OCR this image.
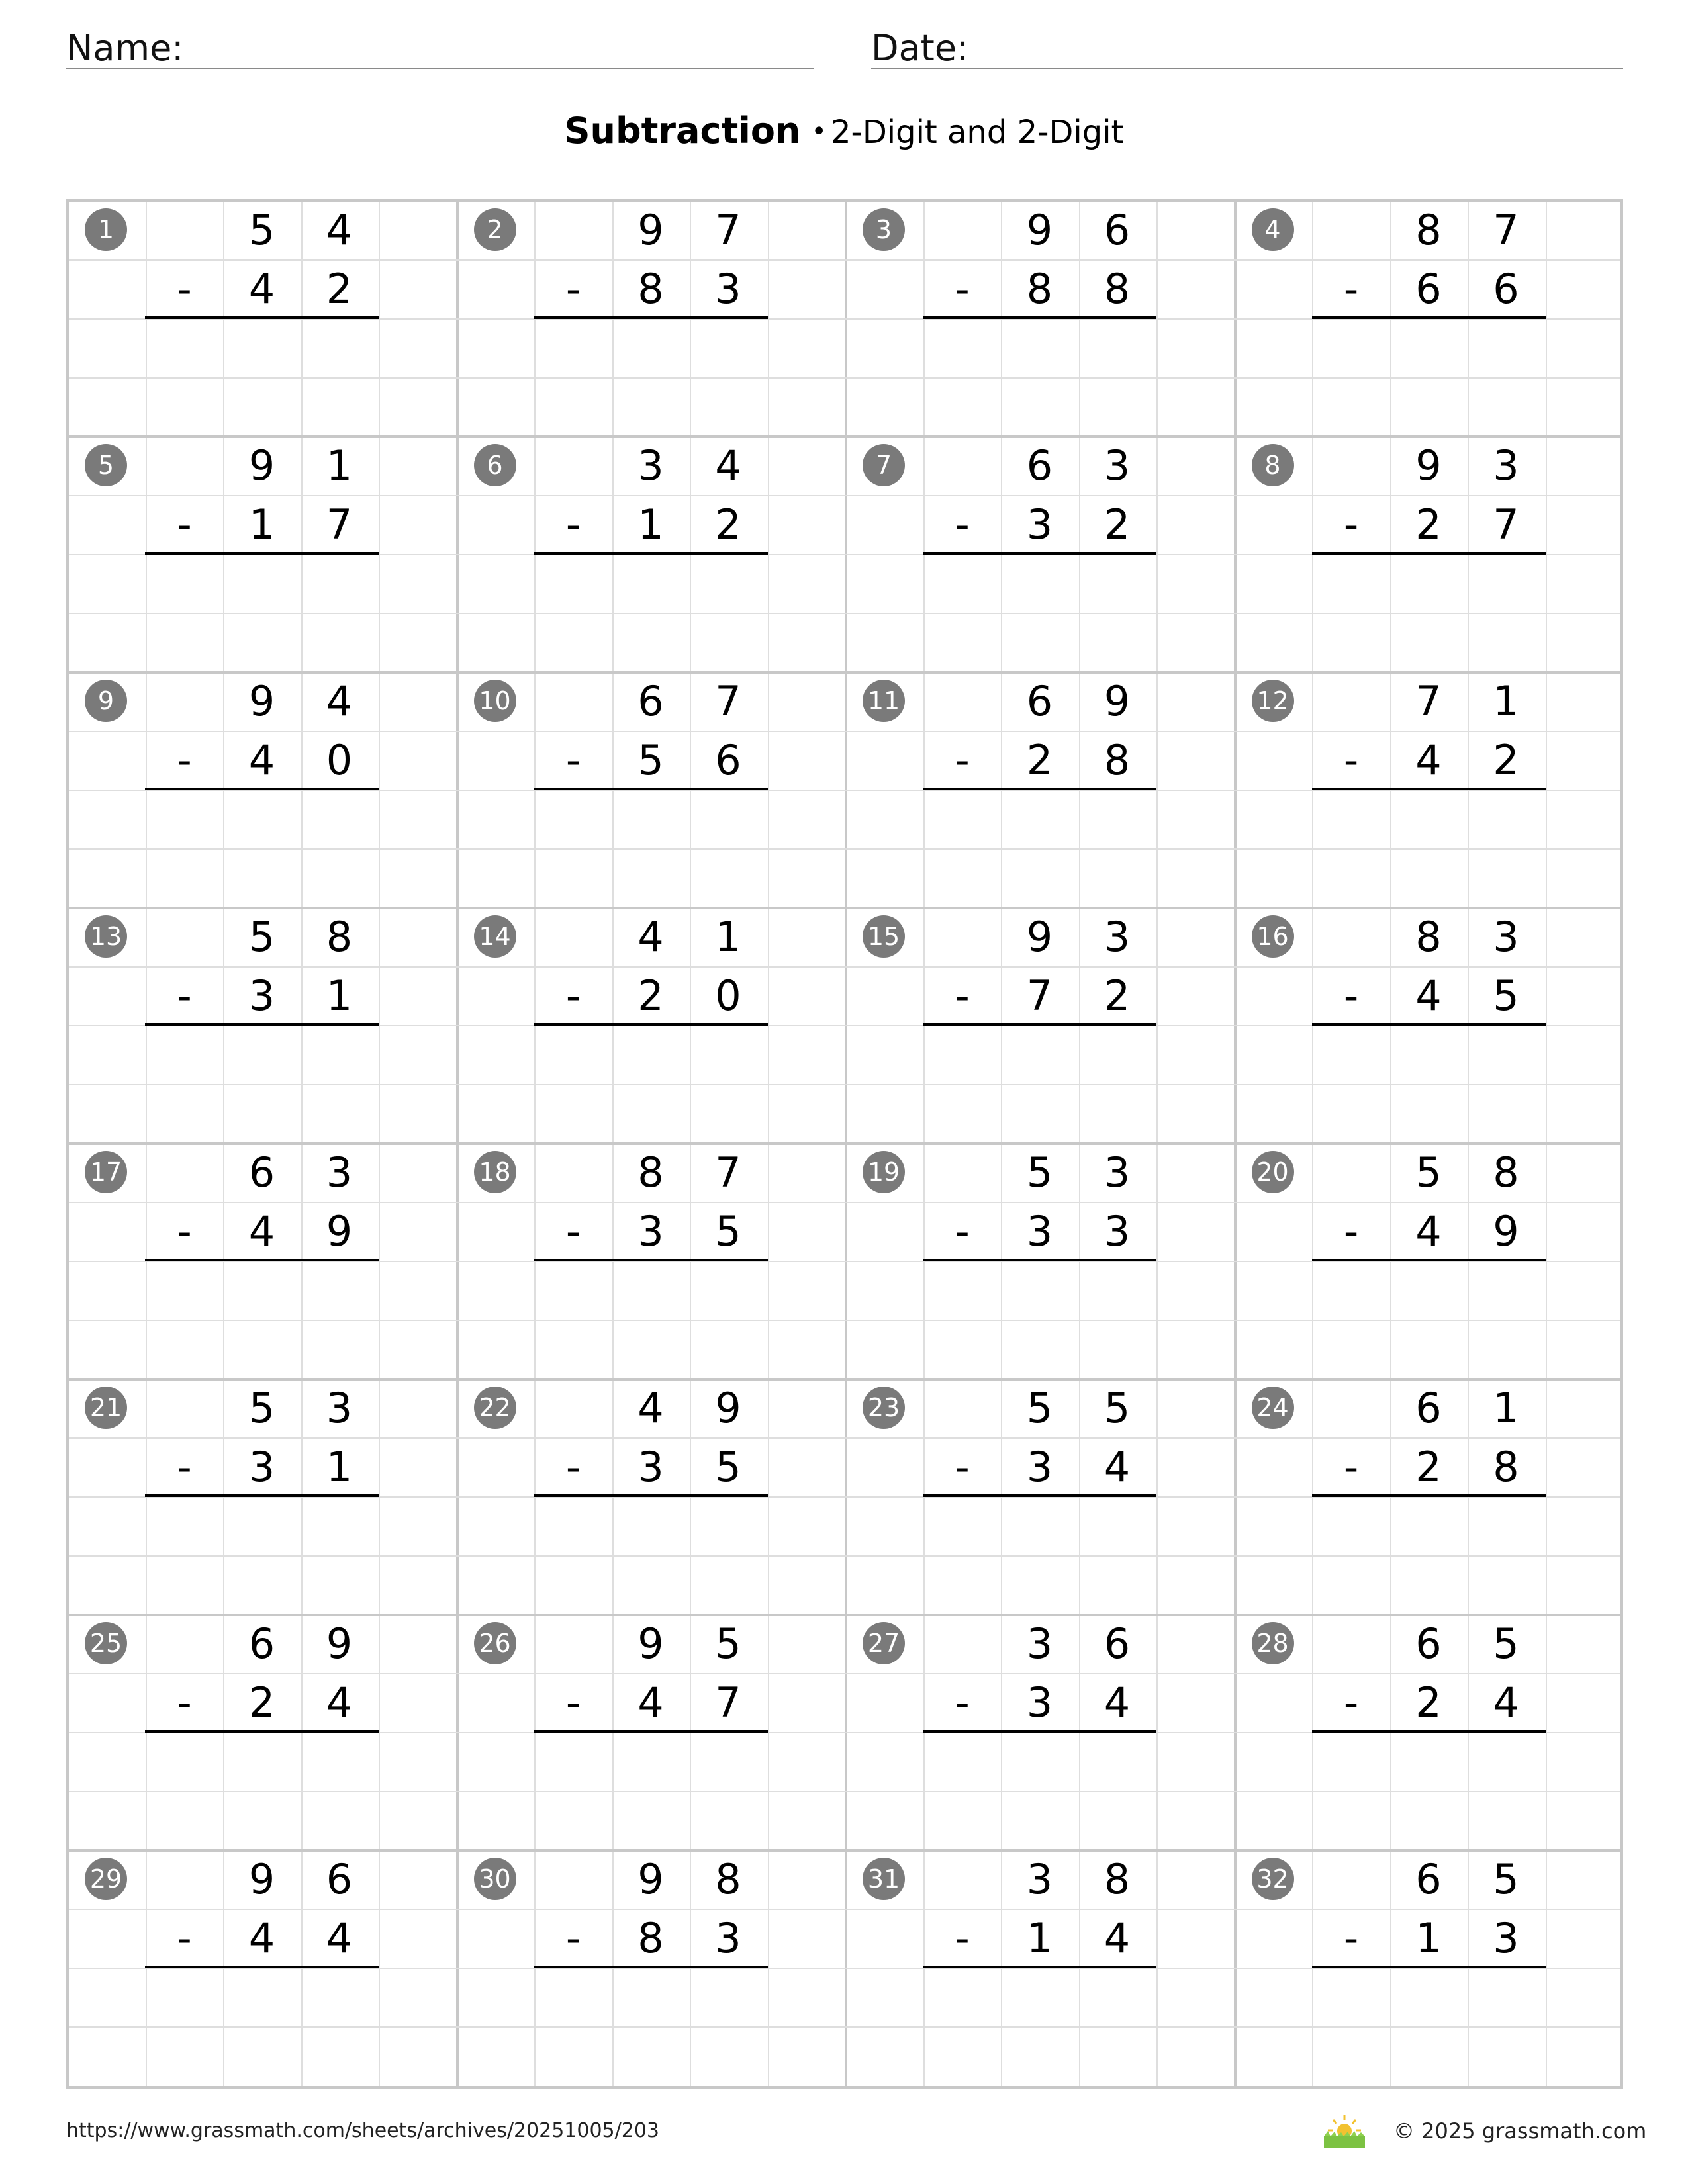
Name:	Date:
Subtraction • 2-Digit and 2-Digit
1	5	4
-	4	2
2	9	7
-	8	3
3	9	6
-	8	8
4	8	7
-	6	6
5	9	1
-	1	7
6	3	4
-	1	2
7	6	3
-	3	2
8	9	3
-	2	7
9	9	4
-	4	0
10	6	7
-	5	6
11	6	9
-	2	8
12	7	1
-	4	2
13	5	8
-	3	1
14	4	1
-	2	0
15	9	3
-	7	2
16	8	3
-	4	5
17	6	3
-	4	9
18	8	7
-	3	5
19	5	3
-	3	3
20	5	8
-	4	9
21	5	3
-	3	1
22	4	9
-	3	5
23	5	5
-	3	4
24	6	1
-	2	8
25	6	9
-	2	4
26	9	5
-	4	7
27	3	6
-	3	4
28	6	5
-	2	4
29	9	6
-	4	4
30	9	8
-	8	3
31	3	8
-	1	4
32	6	5
-	1	3
https://www.grassmath.com/sheets/archives/20251005/203	© 2025 grassmath.com
